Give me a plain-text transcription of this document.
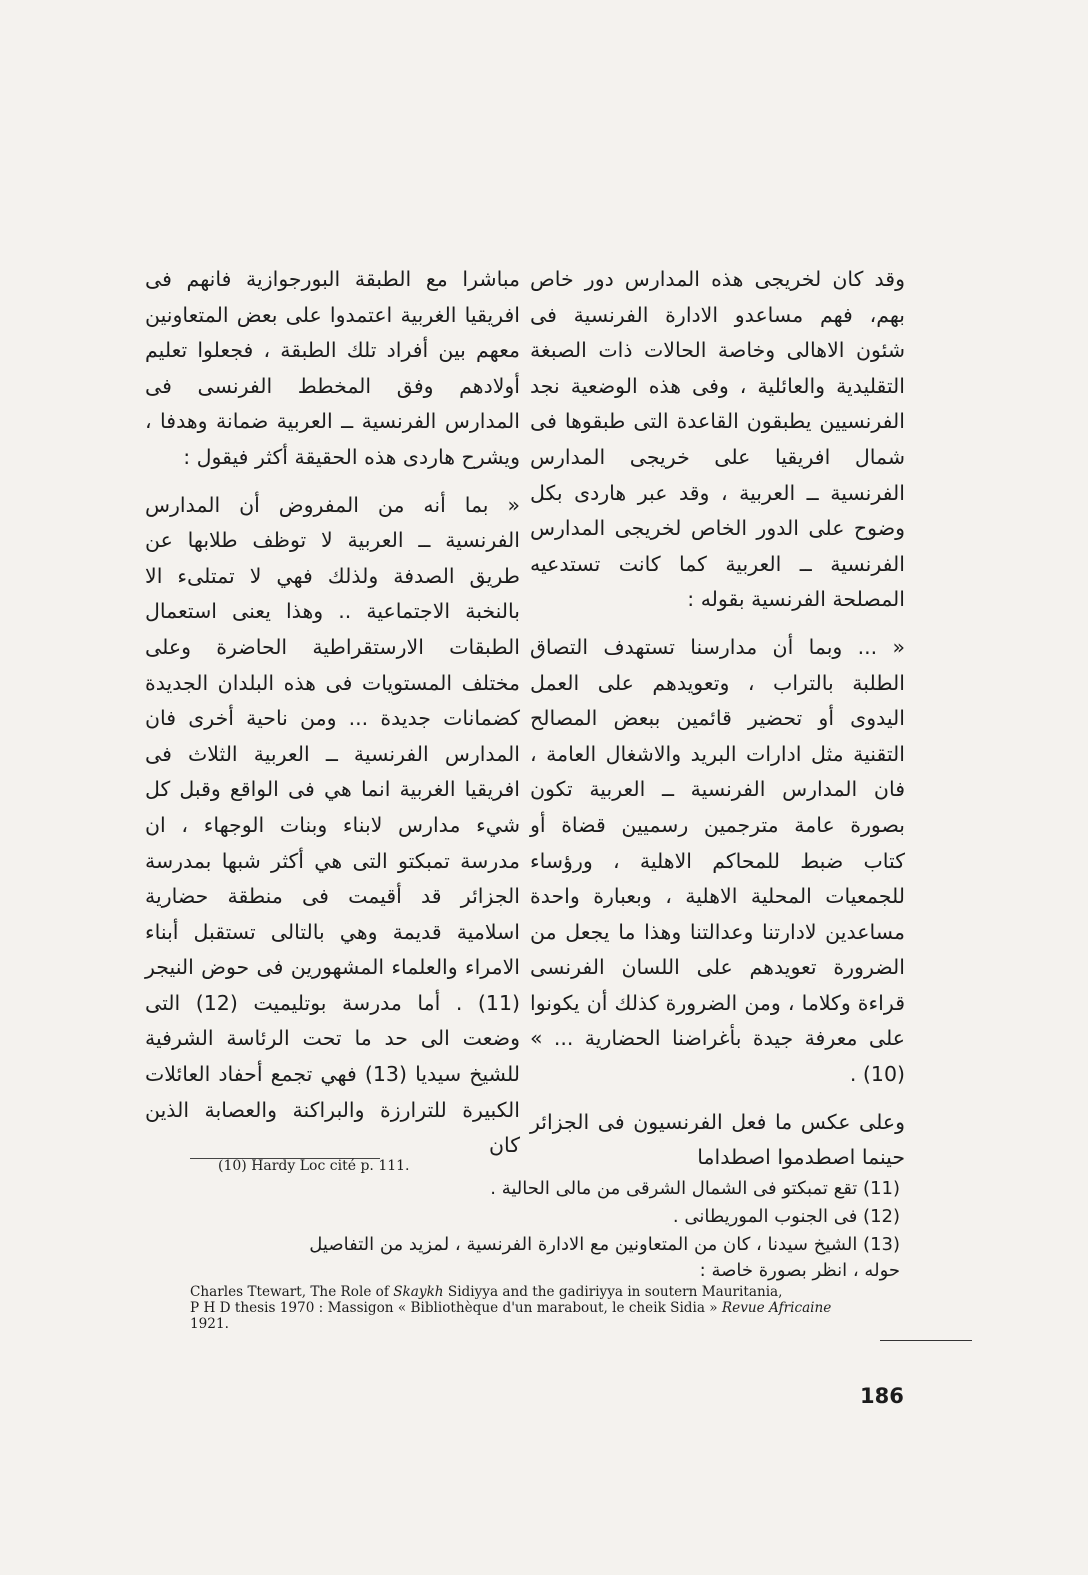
وقد كان لخريجى هذه المدارس دور خاص بهم، فهم مساعدو الادارة الفرنسية فى شئون الاهالى وخاصة الحالات ذات الصبغة التقليدية والعائلية ، وفى هذه الوضعية نجد الفرنسيين يطبقون القاعدة التى طبقوها فى شمال افريقيا على خريجى المدارس الفرنسية ــ العربية ، وقد عبر هاردى بكل وضوح على الدور الخاص لخريجى المدارس الفرنسية ــ العربية كما كانت تستدعيه المصلحة الفرنسية بقوله :

« ... وبما أن مدارسنا تستهدف التصاق الطلبة بالتراب ، وتعويدهم على العمل اليدوى أو تحضير قائمين ببعض المصالح التقنية مثل ادارات البريد والاشغال العامة ، فان المدارس الفرنسية ــ العربية تكون بصورة عامة مترجمين رسميين قضاة أو كتاب ضبط للمحاكم الاهلية ، ورؤساء للجمعيات المحلية الاهلية ، وبعبارة واحدة مساعدين لادارتنا وعدالتنا وهذا ما يجعل من الضرورة تعويدهم على اللسان الفرنسى قراءة وكلاما ، ومن الضرورة كذلك أن يكونوا على معرفة جيدة بأغراضنا الحضارية ... » (10) .

وعلى عكس ما فعل الفرنسيون فى الجزائر حينما اصطدموا اصطداما

مباشرا مع الطبقة البورجوازية فانهم فى افريقيا الغربية اعتمدوا على بعض المتعاونين معهم بين أفراد تلك الطبقة ، فجعلوا تعليم أولادهم وفق المخطط الفرنسى فى المدارس الفرنسية ــ العربية ضمانة وهدفا ، ويشرح هاردى هذه الحقيقة أكثر فيقول :

« بما أنه من المفروض أن المدارس الفرنسية ــ العربية لا توظف طلابها عن طريق الصدفة ولذلك فهي لا تمتلىء الا بالنخبة الاجتماعية .. وهذا يعنى استعمال الطبقات الارستقراطية الحاضرة وعلى مختلف المستويات فى هذه البلدان الجديدة كضمانات جديدة ... ومن ناحية أخرى فان المدارس الفرنسية ــ العربية الثلاث فى افريقيا الغربية انما هي فى الواقع وقبل كل شيء مدارس لابناء وبنات الوجهاء ، ان مدرسة تمبكتو التى هي أكثر شبها بمدرسة الجزائر قد أقيمت فى منطقة حضارية اسلامية قديمة وهي بالتالى تستقبل أبناء الامراء والعلماء المشهورين فى حوض النيجر (11) . أما مدرسة بوتليميت (12) التى وضعت الى حد ما تحت الرئاسة الشرفية للشيخ سيديا (13) فهي تجمع أحفاد العائلات الكبيرة للترارزة والبراكنة والعصابة الذين كان

(10) Hardy Loc cité p. 111.
(11) تقع تمبكتو فى الشمال الشرقى من مالى الحالية .
(12) فى الجنوب الموريطانى .
(13) الشيخ سيدنا ، كان من المتعاونين مع الادارة الفرنسية ، لمزيد من التفاصيل
حوله ، انظر بصورة خاصة :
Charles Ttewart, The Role of Skaykh Sidiyya and the gadiriyya in soutern Mauritania,
P H D thesis 1970 : Massigon « Bibliothèque d'un marabout, le cheik Sidia » Revue Africaine
1921.
186
